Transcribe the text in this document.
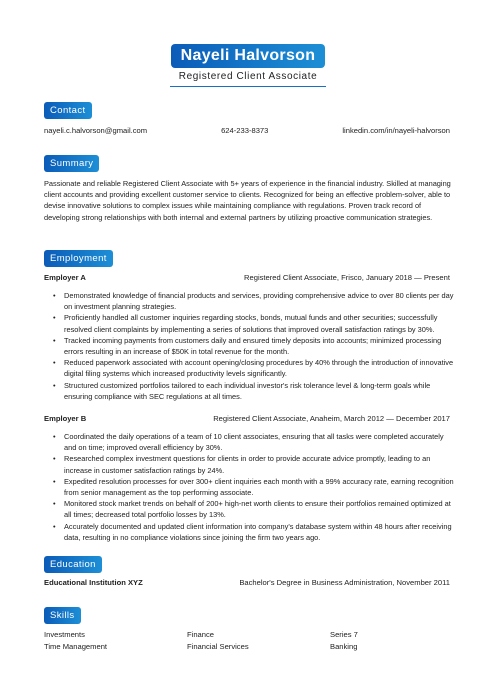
Nayeli Halvorson
Registered Client Associate
Contact
nayeli.c.halvorson@gmail.com	624-233-8373	linkedin.com/in/nayeli-halvorson
Summary
Passionate and reliable Registered Client Associate with 5+ years of experience in the financial industry. Skilled at managing client accounts and providing excellent customer service to clients. Recognized for being an effective problem-solver, able to devise innovative solutions to complex issues while maintaining compliance with regulations. Proven track record of developing strong relationships with both internal and external partners by utilizing proactive communication strategies.
Employment
Employer A	Registered Client Associate, Frisco, January 2018 — Present
• Demonstrated knowledge of financial products and services, providing comprehensive advice to over 80 clients per day on investment planning strategies.
• Proficiently handled all customer inquiries regarding stocks, bonds, mutual funds and other securities; successfully resolved client complaints by implementing a series of solutions that improved overall satisfaction ratings by 30%.
• Tracked incoming payments from customers daily and ensured timely deposits into accounts; minimized processing errors resulting in an increase of $50K in total revenue for the month.
• Reduced paperwork associated with account opening/closing procedures by 40% through the introduction of innovative digital filing systems which increased productivity levels significantly.
• Structured customized portfolios tailored to each individual investor's risk tolerance level & long-term goals while ensuring compliance with SEC regulations at all times.
Employer B	Registered Client Associate, Anaheim, March 2012 — December 2017
• Coordinated the daily operations of a team of 10 client associates, ensuring that all tasks were completed accurately and on time; improved overall efficiency by 30%.
• Researched complex investment questions for clients in order to provide accurate advice promptly, leading to an increase in customer satisfaction ratings by 24%.
• Expedited resolution processes for over 300+ client inquiries each month with a 99% accuracy rate, earning recognition from senior management as the top performing associate.
• Monitored stock market trends on behalf of 200+ high-net worth clients to ensure their portfolios remained optimized at all times; decreased total portfolio losses by 13%.
• Accurately documented and updated client information into company's database system within 48 hours after receiving data, resulting in no compliance violations since joining the firm two years ago.
Education
Educational Institution XYZ	Bachelor's Degree in Business Administration, November 2011
Skills
Investments	Finance	Series 7
Time Management	Financial Services	Banking
